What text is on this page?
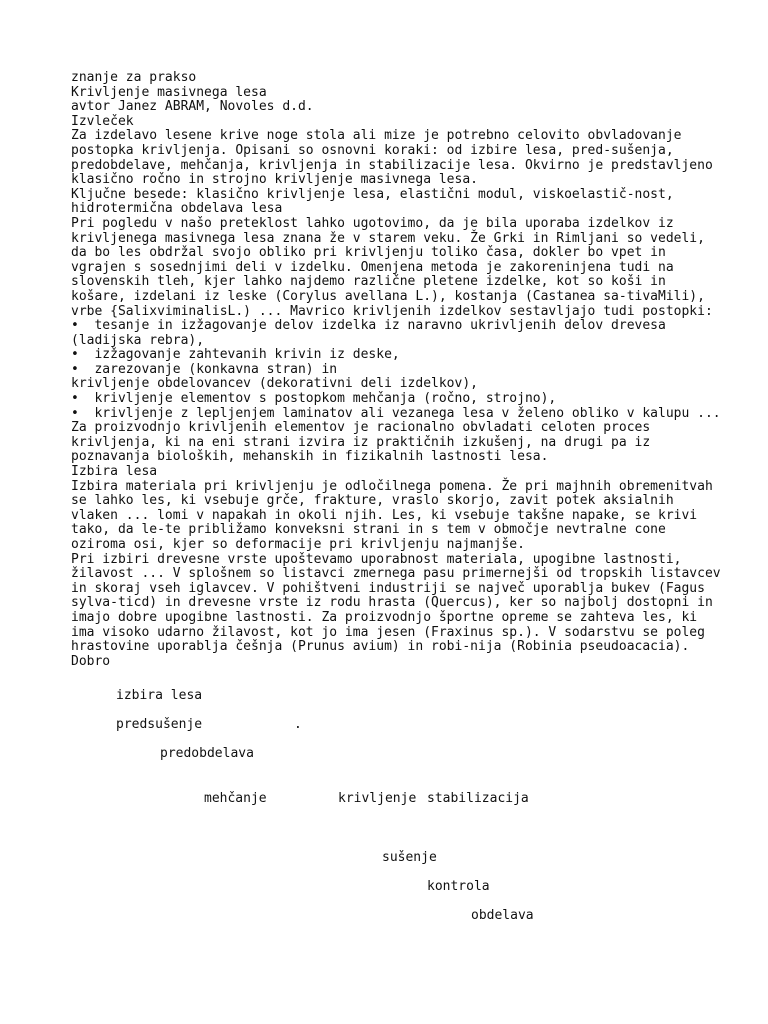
znanje za prakso
Krivljenje masivnega lesa
avtor Janez ABRAM, Novoles d.d.
Izvleček
Za izdelavo lesene krive noge stola ali mize je potrebno celovito obvladovanje
postopka krivljenja. Opisani so osnovni koraki: od izbire lesa, pred-sušenja,
predobdelave, mehčanja, krivljenja in stabilizacije lesa. Okvirno je predstavljeno
klasično ročno in strojno krivljenje masivnega lesa.
Ključne besede: klasično krivljenje lesa, elastični modul, viskoelastič-nost,
hidrotermična obdelava lesa
Pri pogledu v našo preteklost lahko ugotovimo, da je bila uporaba izdelkov iz
krivljenega masivnega lesa znana že v starem veku. Že Grki in Rimljani so vedeli,
da bo les obdržal svojo obliko pri krivljenju toliko časa, dokler bo vpet in
vgrajen s sosednjimi deli v izdelku. Omenjena metoda je zakoreninjena tudi na
slovenskih tleh, kjer lahko najdemo različne pletene izdelke, kot so koši in
košare, izdelani iz leske (Corylus avellana L.), kostanja (Castanea sa-tivaMili),
vrbe {SalixviminalisL.) ... Mavrico krivljenih izdelkov sestavljajo tudi postopki:
•  tesanje in izžagovanje delov izdelka iz naravno ukrivljenih delov drevesa
(ladijska rebra),
•  izžagovanje zahtevanih krivin iz deske,
•  zarezovanje (konkavna stran) in
krivljenje obdelovancev (dekorativni deli izdelkov),
•  krivljenje elementov s postopkom mehčanja (ročno, strojno),
•  krivljenje z lepljenjem laminatov ali vezanega lesa v želeno obliko v kalupu ...
Za proizvodnjo krivljenih elementov je racionalno obvladati celoten proces
krivljenja, ki na eni strani izvira iz praktičnih izkušenj, na drugi pa iz
poznavanja bioloških, mehanskih in fizikalnih lastnosti lesa.
Izbira lesa
Izbira materiala pri krivljenju je odločilnega pomena. Že pri majhnih obremenitvah
se lahko les, ki vsebuje grče, frakture, vraslo skorjo, zavit potek aksialnih
vlaken ... lomi v napakah in okoli njih. Les, ki vsebuje takšne napake, se krivi
tako, da le-te približamo konveksni strani in s tem v območje nevtralne cone
oziroma osi, kjer so deformacije pri krivljenju najmanjše.
Pri izbiri drevesne vrste upoštevamo uporabnost materiala, upogibne lastnosti,
žilavost ... V splošnem so listavci zmernega pasu primernejši od tropskih listavcev
in skoraj vseh iglavcev. V pohištveni industriji se največ uporablja bukev (Fagus
sylva-ticd) in drevesne vrste iz rodu hrasta (Quercus), ker so najbolj dostopni in
imajo dobre upogibne lastnosti. Za proizvodnjo športne opreme se zahteva les, ki
ima visoko udarno žilavost, kot jo ima jesen (Fraxinus sp.). V sodarstvu se poleg
hrastovine uporablja češnja (Prunus avium) in robi-nija (Robinia pseudoacacia).
Dobro
izbira lesa
predsušenje	.
predobdelava
mehčanje	krivljenje stabilizacija
sušenje
kontrola
obdelava
